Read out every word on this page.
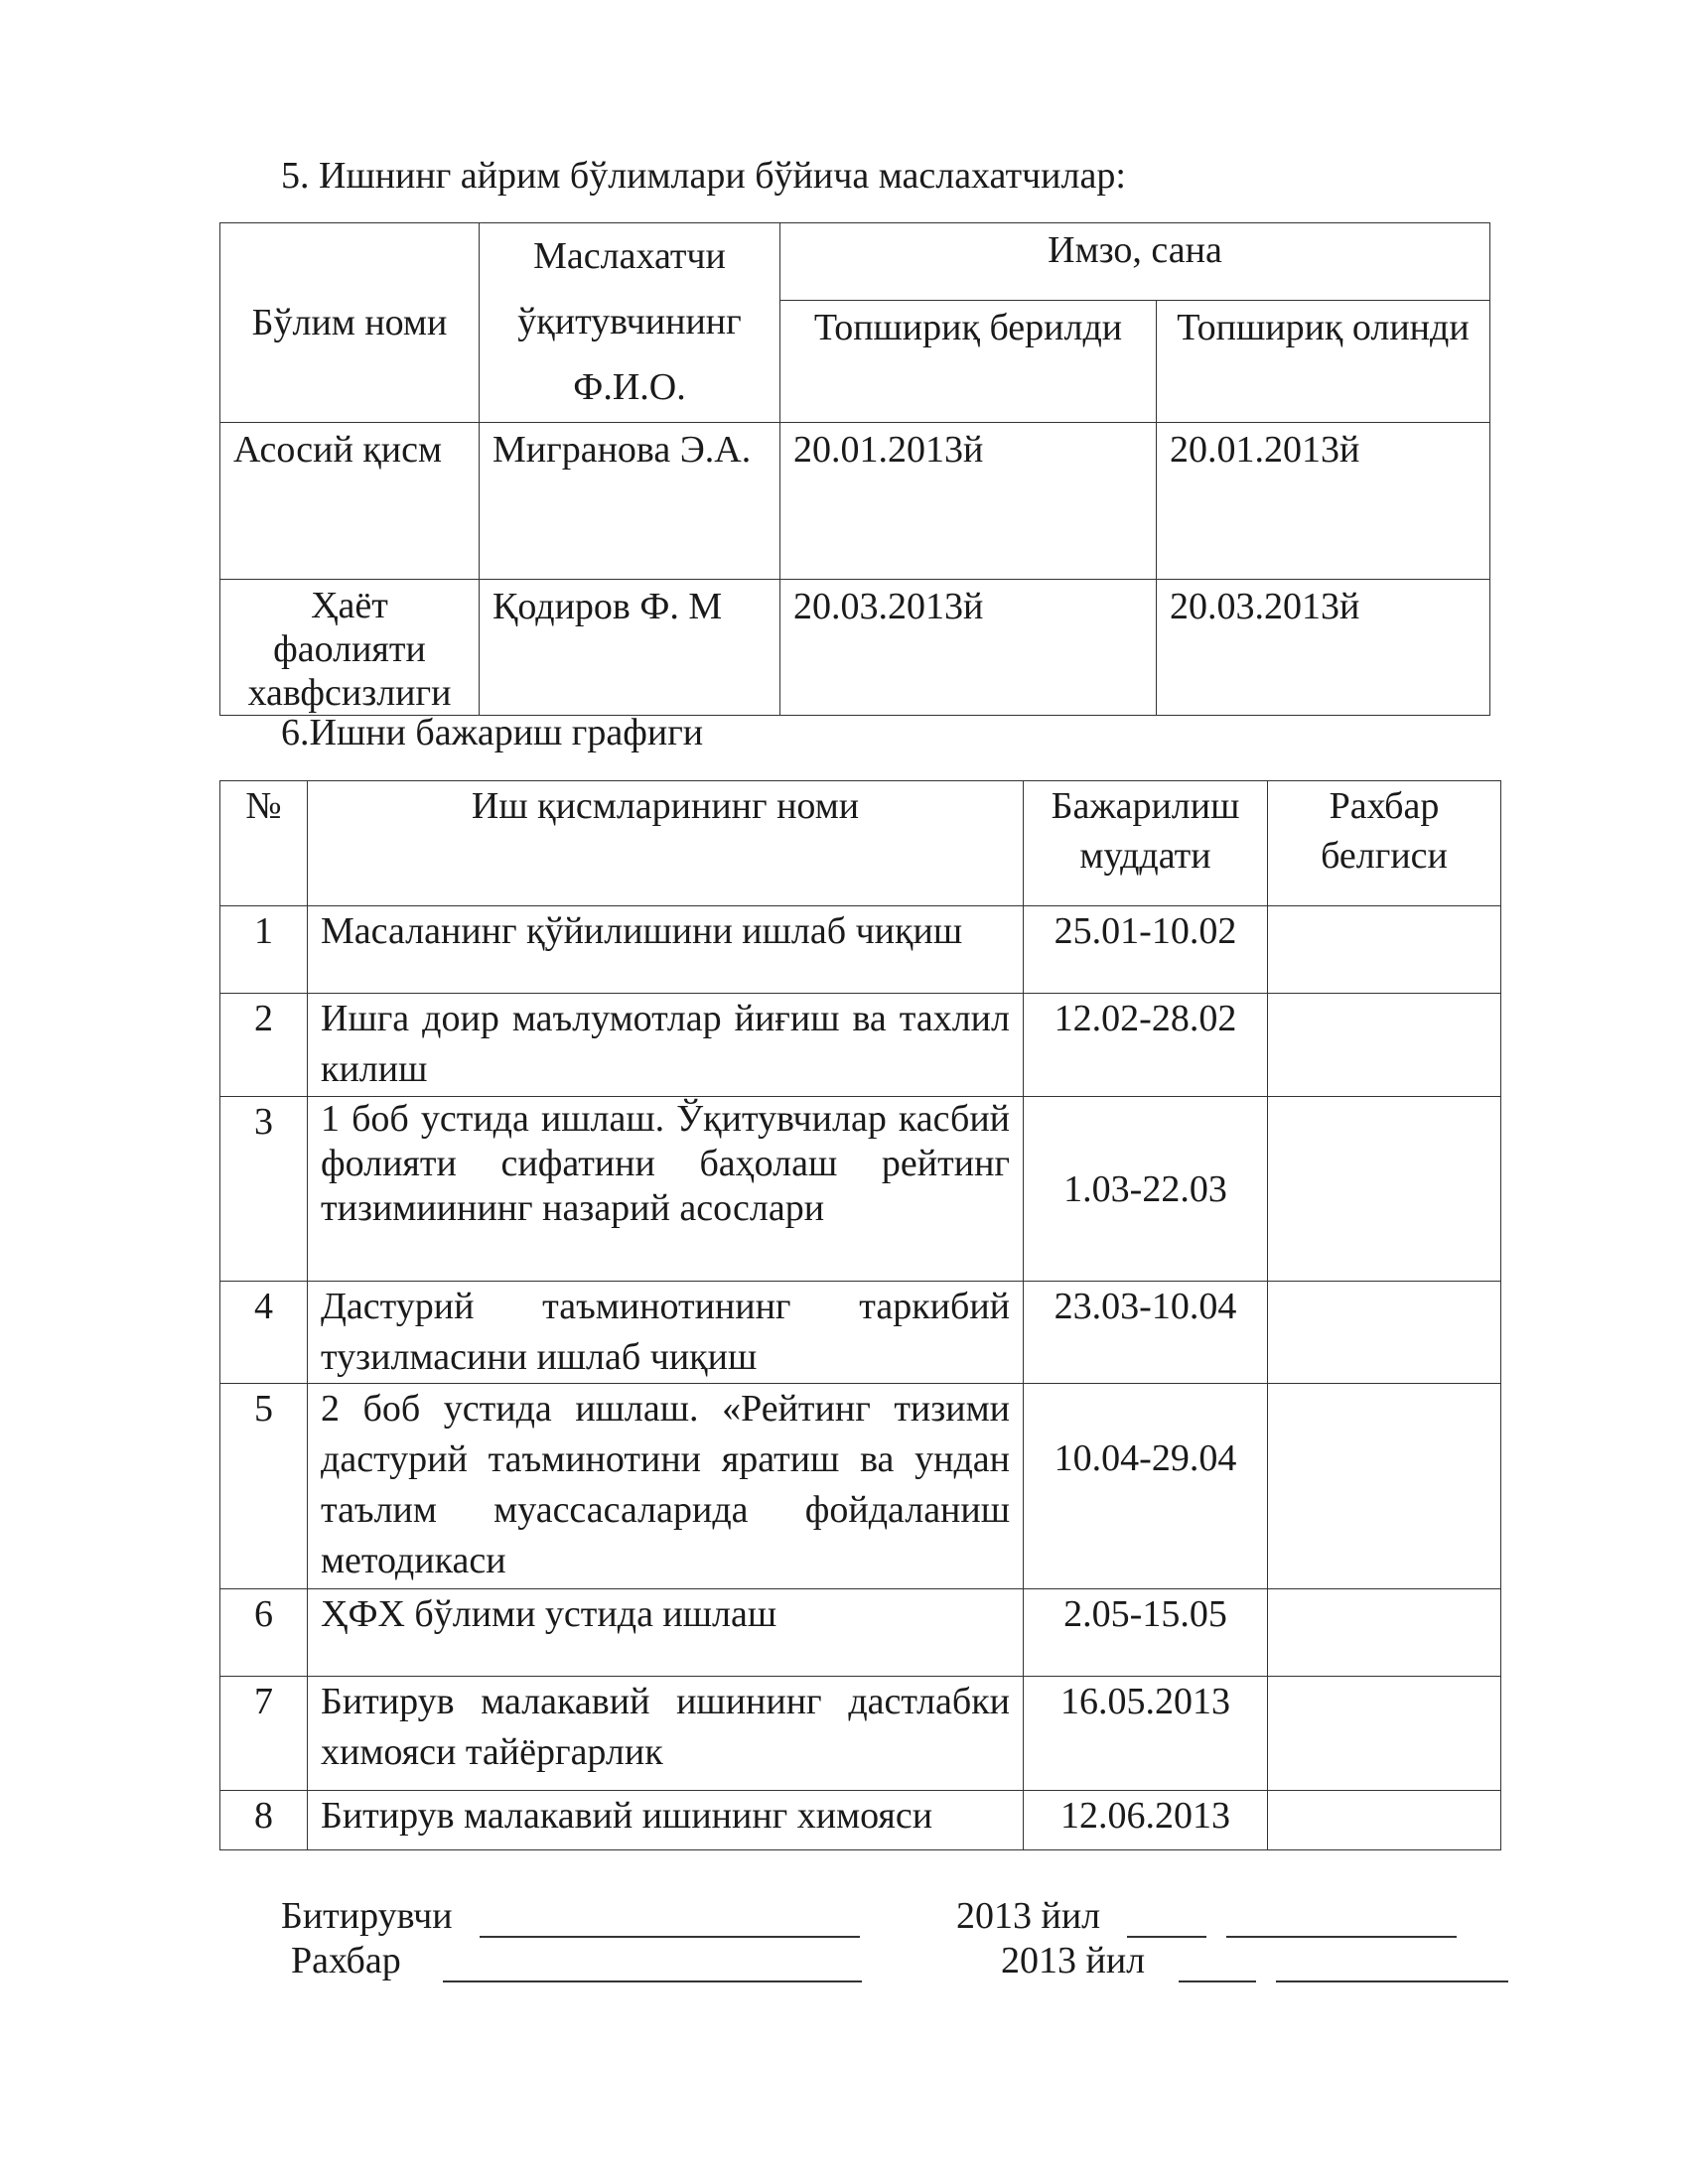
5. Ишнинг айрим бўлимлари бўйича маслахатчилар:
Бўлим номи	Маслахатчи ўқитувчининг Ф.И.О.	Имзо, сана	
		Топшириқ берилди	Топшириқ олинди
Асосий қисм	Мигранова Э.А.	20.01.2013й	20.01.2013й
Ҳаёт фаолияти хавфсизлиги	Қодиров Ф. М	20.03.2013й	20.03.2013й
6.Ишни бажариш графиги
№	Иш қисмларининг номи	Бажарилиш муддати	Рахбар белгиси
1	Масаланинг қўйилишини ишлаб чиқиш	25.01-10.02	
2	Ишга доир маълумотлар йиғиш ва тахлил килиш	12.02-28.02	
3	1 боб устида ишлаш. Ўқитувчилар касбий фолияти сифатини баҳолаш рейтинг тизимиининг назарий асослари	1.03-22.03	
4	Дастурий таъминотининг таркибий тузилмасини ишлаб чиқиш	23.03-10.04	
5	2 боб устида ишлаш. «Рейтинг тизими дастурий таъминотини яратиш ва ундан таълим муассасаларида фойдаланиш методикаси	10.04-29.04	
6	ҲФХ бўлими устида ишлаш	2.05-15.05	
7	Битирув малакавий ишининг дастлабки химояси тайёргарлик	16.05.2013	
8	Битирув малакавий ишининг химояси	12.06.2013	
Битирувчи	2013 йил
Рахбар	2013 йил
